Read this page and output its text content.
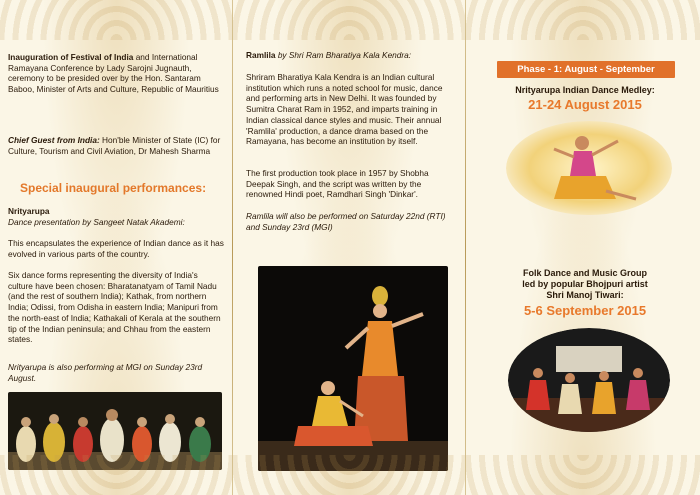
Inauguration of Festival of India and International Ramayana Conference by Lady Sarojni Jugnauth, ceremony to be presided over by the Hon. Santaram Baboo, Minister of Arts and Culture, Republic of Mauritius

Chief Guest from India: Hon'ble Minister of State (IC) for Culture, Tourism and Civil Aviation, Dr Mahesh Sharma

Special inaugural performances:
Nrityarupa
Dance presentation by Sangeet Natak Akademi:

This encapsulates the experience of Indian dance as it has evolved in various parts of the country.

Six dance forms representing the diversity of India's culture have been chosen: Bharatanatyam of Tamil Nadu (and the rest of southern India); Kathak, from northern India; Odissi, from Odisha in eastern India; Manipuri from the north-east of India; Kathakali of Kerala at the southern tip of the Indian peninsula; and Chhau from the eastern states.

Nrityarupa is also performing at MGI on Sunday 23rd August.

Ramlila by Shri Ram Bharatiya Kala Kendra:

Shriram Bharatiya Kala Kendra is an Indian cultural institution which runs a noted school for music, dance and performing arts in New Delhi. It was founded by Sumitra Charat Ram in 1952, and imparts training in Indian classical dance styles and music. Their annual 'Ramlila' production, a dance drama based on the Ramayana, has become an institution by itself.

The first production took place in 1957 by Shobha Deepak Singh, and the script was written by the renowned Hindi poet, Ramdhari Singh 'Dinkar'.

Ramlila will also be performed on Saturday 22nd (RTI) and Sunday 23rd (MGI)

Phase - 1: August - September
Nrityarupa Indian Dance Medley:
21-24 August 2015
Folk Dance and Music Group
led by popular Bhojpuri artist
Shri Manoj Tiwari:
5-6 September 2015
